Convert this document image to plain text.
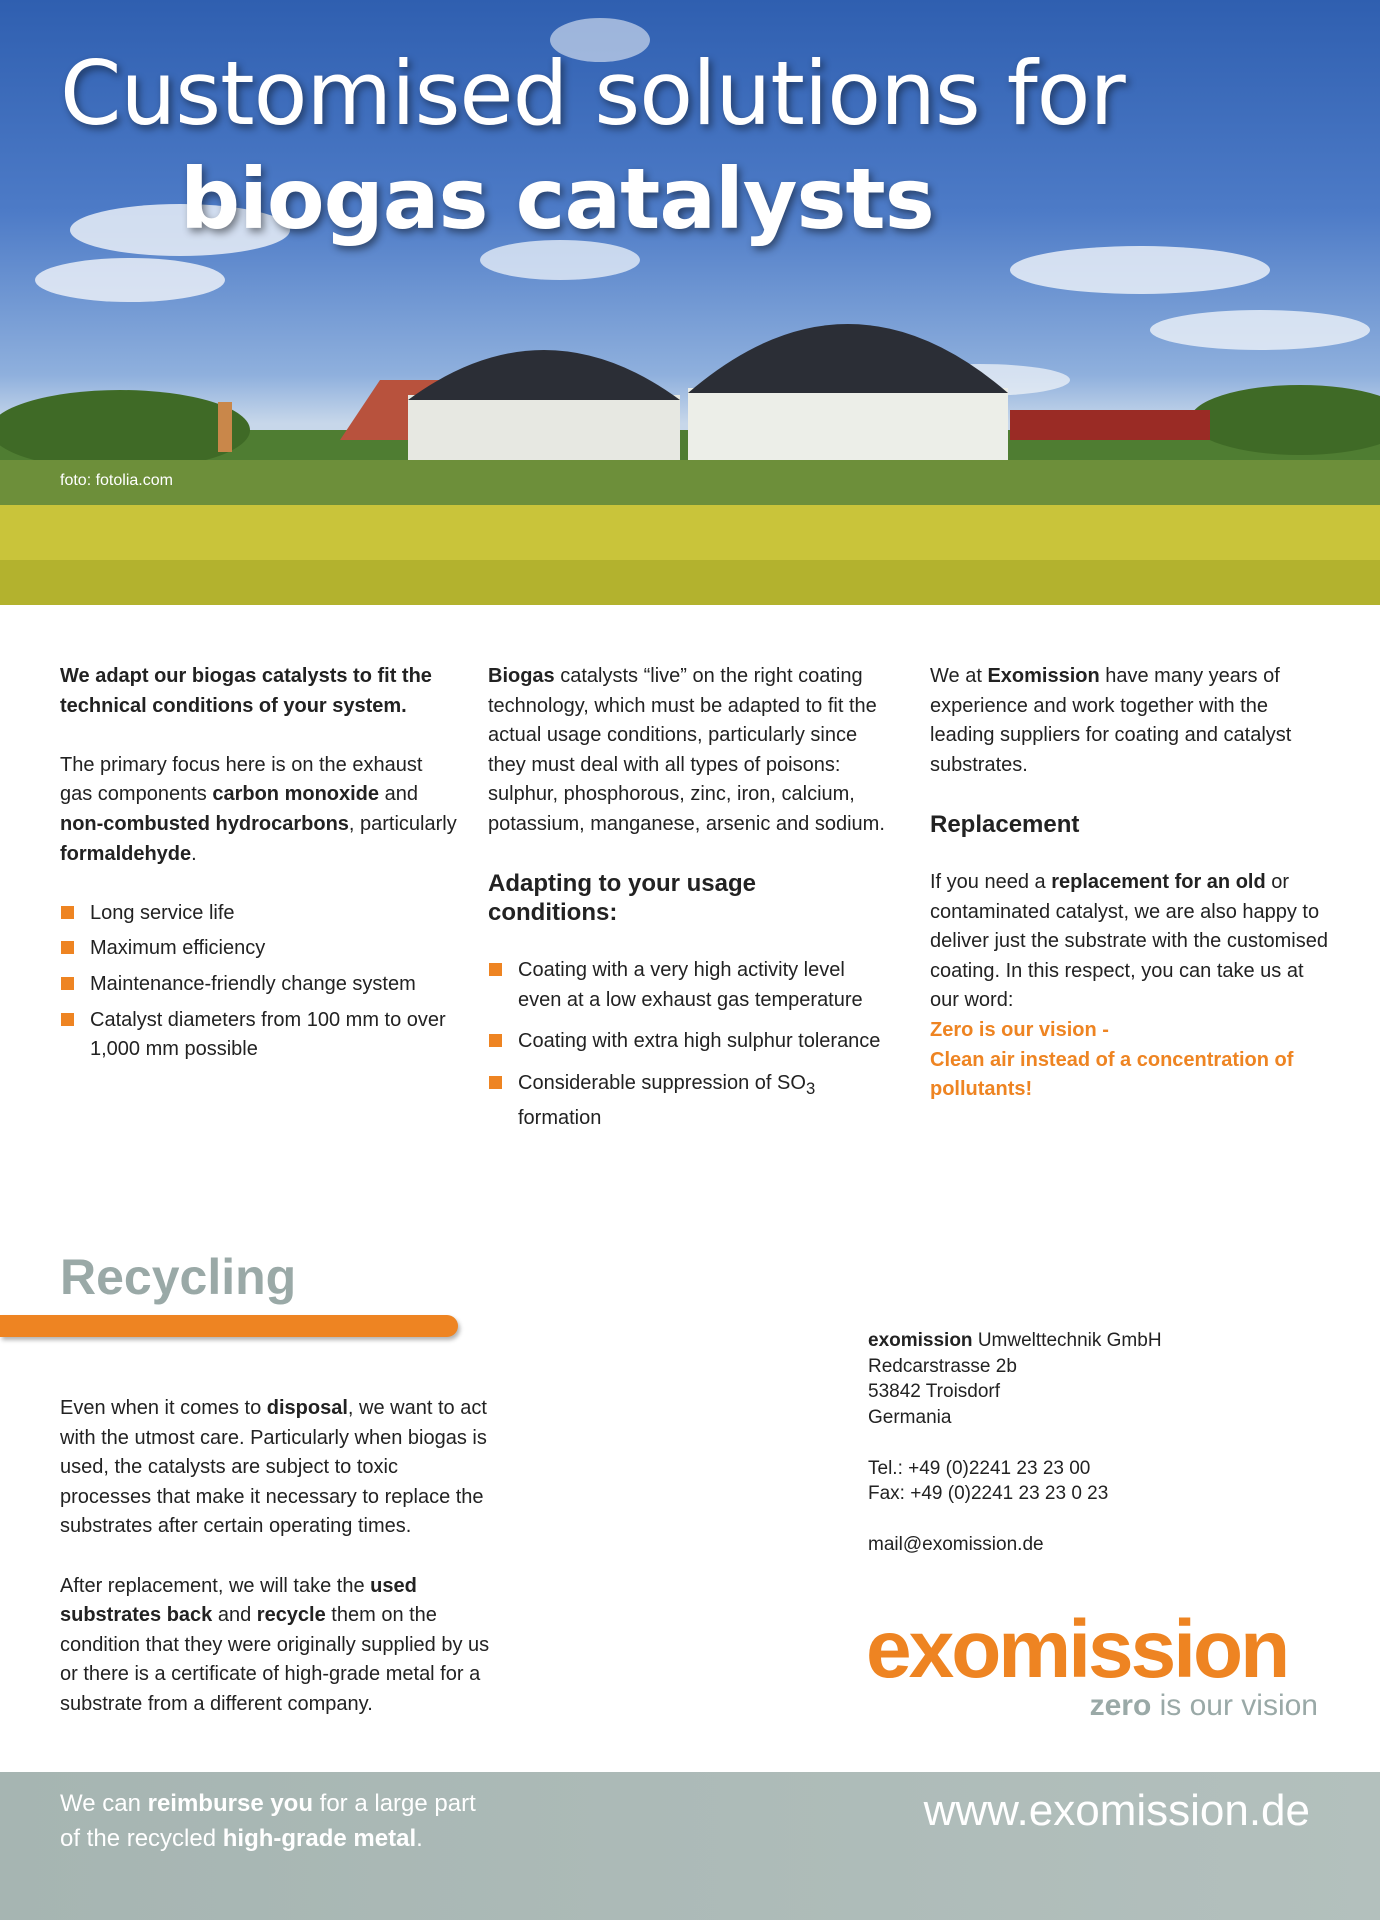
Customised solutions for
biogas catalysts
foto: fotolia.com

We adapt our biogas catalysts to fit the technical conditions of your system.

The primary focus here is on the exhaust gas components carbon monoxide and non-combusted hydrocarbons, particularly formaldehyde.

Long service life
Maximum efficiency
Maintenance-friendly change system
Catalyst diameters from 100 mm to over 1,000 mm possible

Biogas catalysts “live” on the right coating technology, which must be adapted to fit the actual usage conditions, particularly since they must deal with all types of poisons: sulphur, phosphorous, zinc, iron, calcium, potassium, manganese, arsenic and sodium.

Adapting to your usage conditions:
Coating with a very high activity level even at a low exhaust gas temperature
Coating with extra high sulphur tolerance
Considerable suppression of $SO_3$ formation

We at Exomission have many years of experience and work together with the leading suppliers for coating and catalyst substrates.

Replacement
If you need a replacement for an old or contaminated catalyst, we are also happy to deliver just the substrate with the customised coating. In this respect, you can take us at our word:
Zero is our vision -
Clean air instead of a concentration of pollutants!
Recycling

Even when it comes to disposal, we want to act with the utmost care. Particularly when biogas is used, the catalysts are subject to toxic processes that make it necessary to replace the substrates after certain operating times.

After replacement, we will take the used substrates back and recycle them on the condition that they were originally supplied by us or there is a certificate of high-grade metal for a substrate from a different company.

exomission Umwelttechnik GmbH
Redcarstrasse 2b
53842 Troisdorf
Germania
Tel.: +49 (0)2241 23 23 00
Fax: +49 (0)2241 23 23 0 23
mail@exomission.de
exomission
zero is our vision
We can reimburse you for a large part
of the recycled high-grade metal.
www.exomission.de
